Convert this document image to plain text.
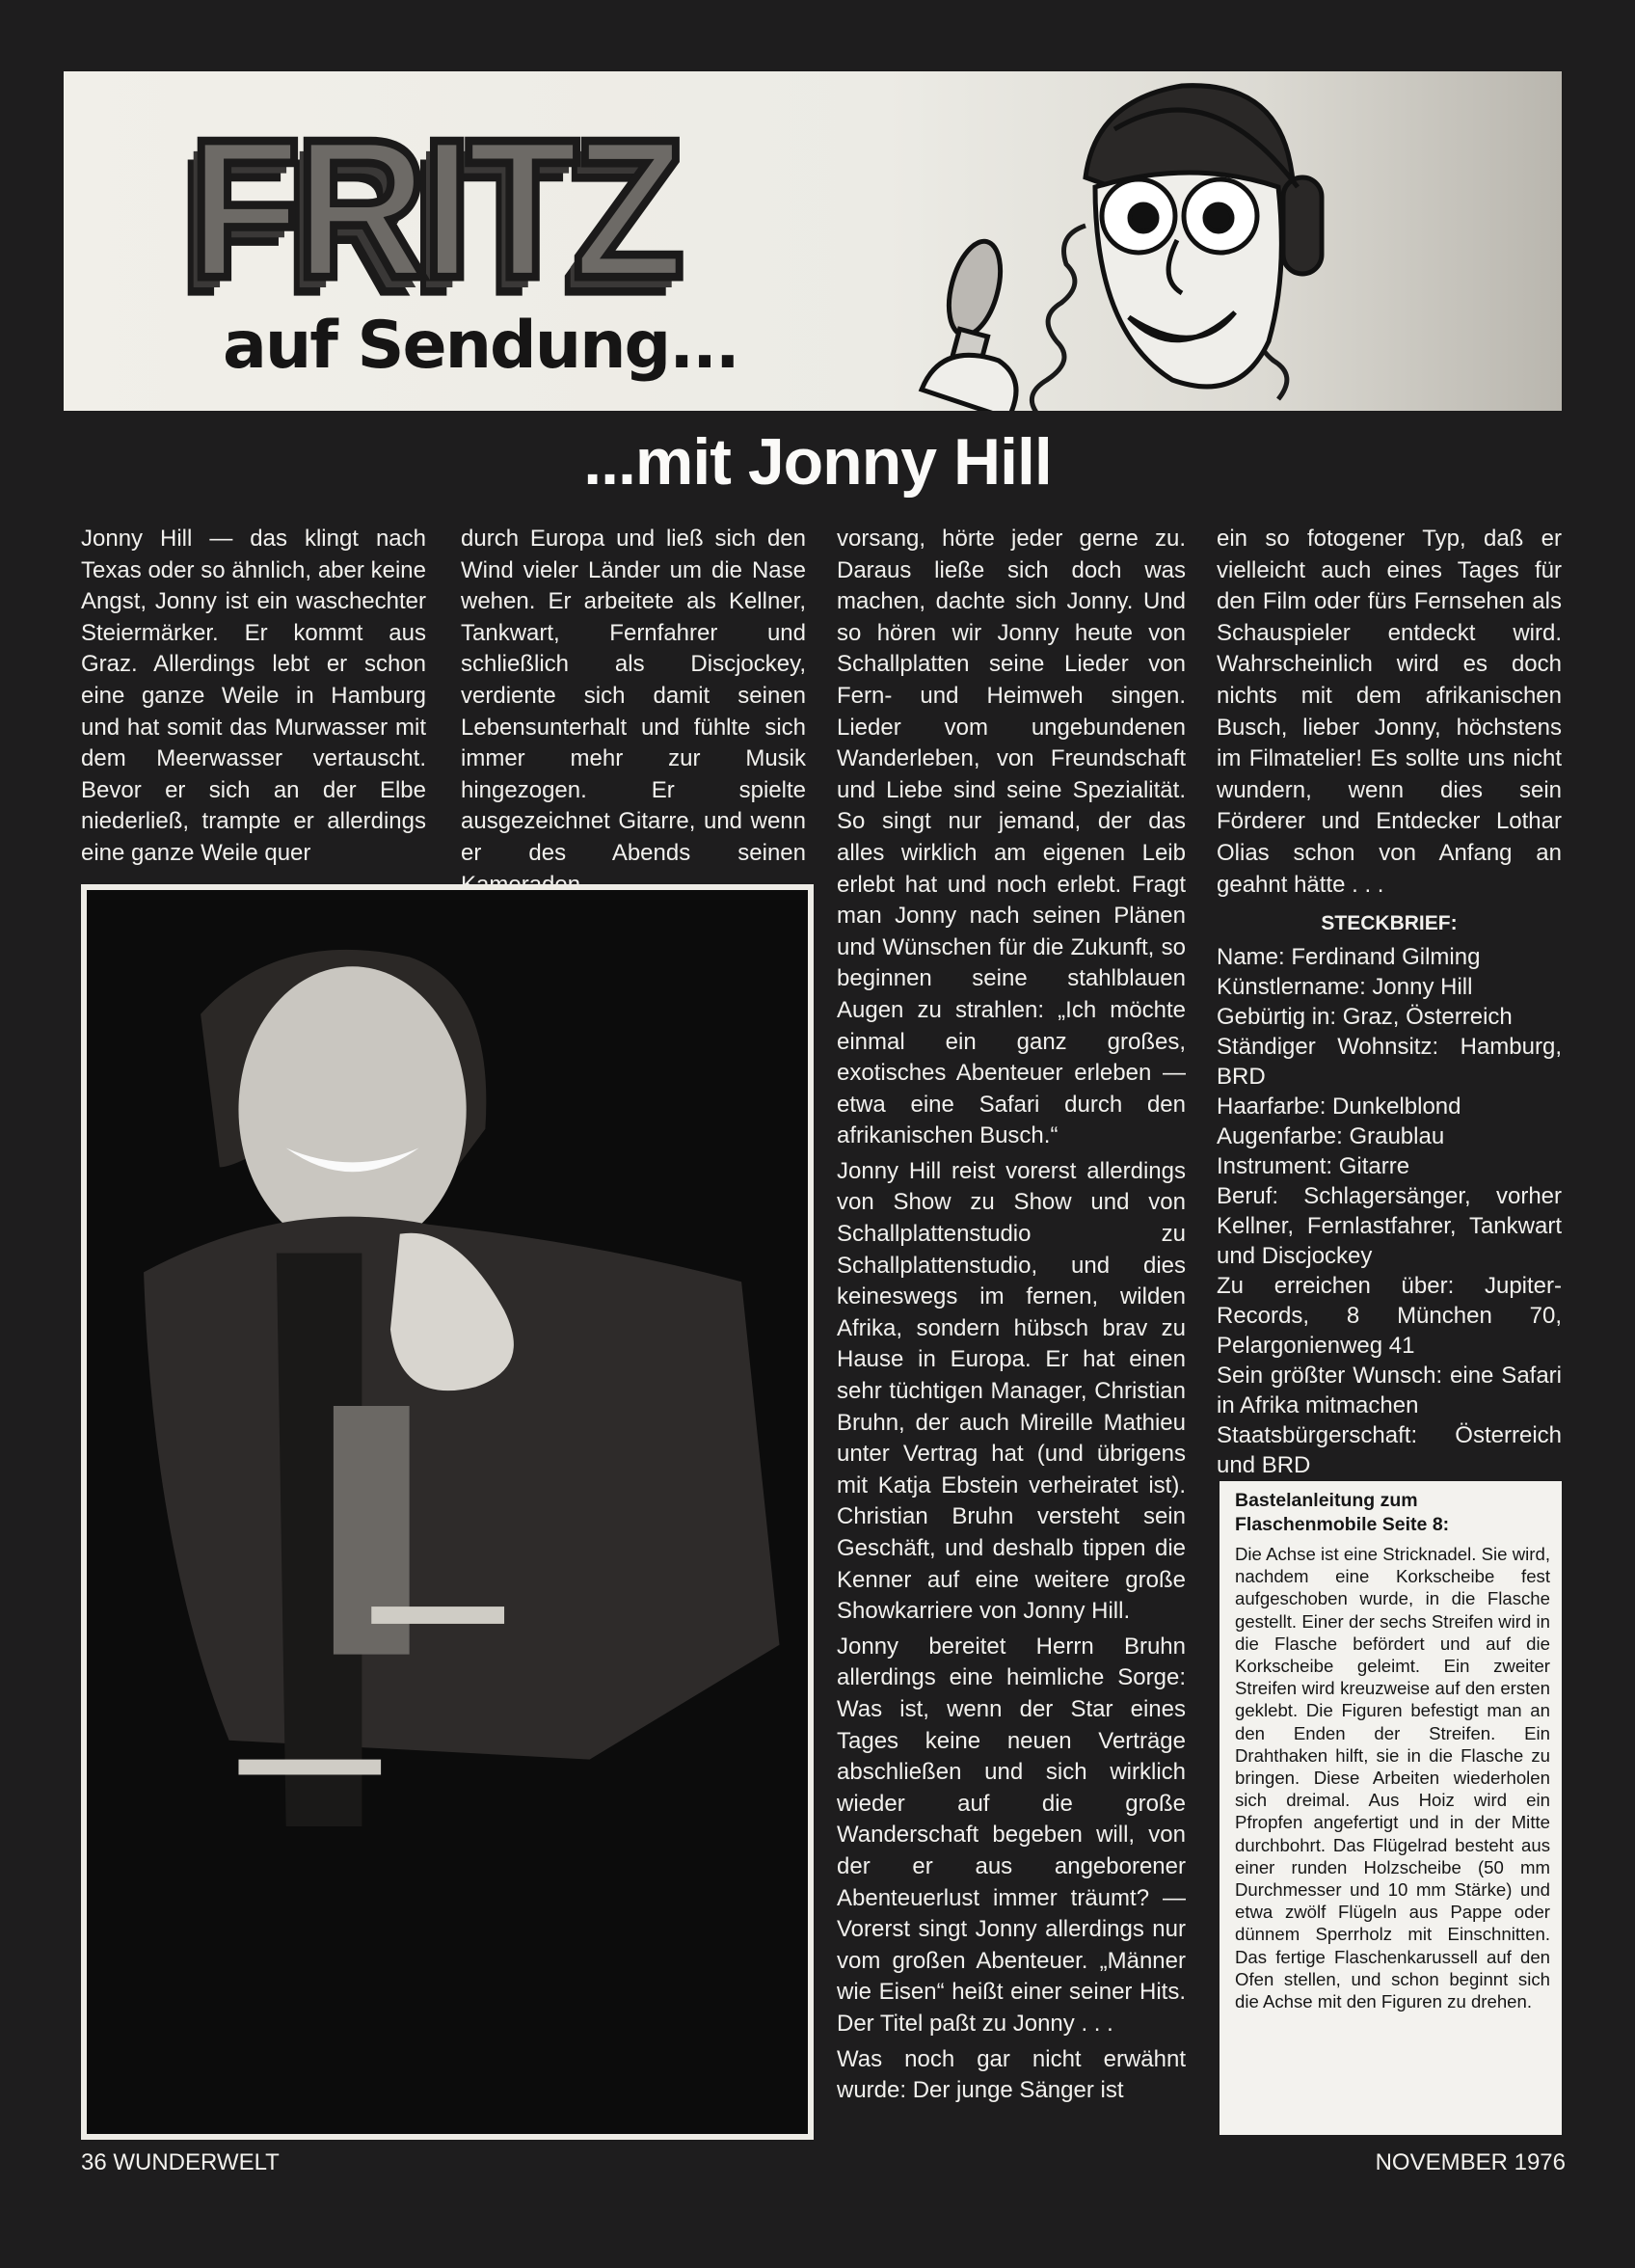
FRITZ
auf Sendung...
...mit Jonny Hill

Jonny Hill — das klingt nach Texas oder so ähnlich, aber keine Angst, Jonny ist ein waschechter Steiermärker. Er kommt aus Graz. Allerdings lebt er schon eine ganze Weile in Hamburg und hat somit das Murwasser mit dem Meerwasser vertauscht. Bevor er sich an der Elbe niederließ, trampte er allerdings eine ganze Weile quer

durch Europa und ließ sich den Wind vieler Länder um die Nase wehen. Er arbeitete als Kellner, Tankwart, Fernfahrer und schließlich als Discjockey, verdiente sich damit seinen Lebensunterhalt und fühlte sich immer mehr zur Musik hingezogen. Er spielte ausgezeichnet Gitarre, und wenn er des Abends seinen

vorsang, hörte jeder gerne zu. Daraus ließe sich doch was machen, dachte sich Jonny. Und so hören wir Jonny heute von Schallplatten seine Lieder von Fern- und Heimweh singen. Lieder vom ungebundenen Wanderleben, von Freundschaft und Liebe sind seine Spezialität. So singt nur jemand, der das alles wirklich am eigenen Leib erlebt hat und noch erlebt. Fragt man Jonny nach seinen Plänen und Wünschen für die Zukunft, so beginnen seine stahlblauen Augen zu strahlen: „Ich möchte einmal ein ganz großes, exotisches Abenteuer erleben — etwa eine Safari durch den afrikanischen Busch.“

Jonny Hill reist vorerst allerdings von Show zu Show und von Schallplattenstudio zu Schallplattenstudio, und dies keineswegs im fernen, wilden Afrika, sondern hübsch brav zu Hause in Europa. Er hat einen sehr tüchtigen Manager, Christian Bruhn, der auch Mireille Mathieu unter Vertrag hat (und übrigens mit Katja Ebstein verheiratet ist). Christian Bruhn versteht sein Geschäft, und deshalb tippen die Kenner auf eine weitere große Showkarriere von Jonny Hill.

Jonny bereitet Herrn Bruhn allerdings eine heimliche Sorge: Was ist, wenn der Star eines Tages keine neuen Verträge abschließen und sich wirklich wieder auf die große Wanderschaft begeben will, von der er aus angeborener Abenteuerlust immer träumt? — Vorerst singt Jonny allerdings nur vom großen Abenteuer. „Männer wie Eisen“ heißt einer seiner Hits. Der Titel paßt zu Jonny . . .

Was noch gar nicht erwähnt wurde: Der junge Sänger ist

ein so fotogener Typ, daß er vielleicht auch eines Tages für den Film oder fürs Fernsehen als Schauspieler entdeckt wird. Wahrscheinlich wird es doch nichts mit dem afrikanischen Busch, lieber Jonny, höchstens im Filmatelier! Es sollte uns nicht wundern, wenn dies sein Förderer und Entdecker Lothar Olias schon von Anfang an geahnt hätte . . .

STECKBRIEF:
Name: Ferdinand Gilming
Künstlername: Jonny Hill
Gebürtig in: Graz, Österreich
Ständiger Wohnsitz: Hamburg, BRD
Haarfarbe: Dunkelblond
Augenfarbe: Graublau
Instrument: Gitarre
Beruf: Schlagersänger, vorher Kellner, Fernlastfahrer, Tankwart und Discjockey
Zu erreichen über: Jupiter-Records, 8 München 70, Pelargonienweg 41
Sein größter Wunsch: eine Safari in Afrika mitmachen
Staatsbürgerschaft: Österreich und BRD
Bastelanleitung zum Flaschenmobile Seite 8:

Die Achse ist eine Stricknadel. Sie wird, nachdem eine Korkscheibe fest aufgeschoben wurde, in die Flasche gestellt. Einer der sechs Streifen wird in die Flasche befördert und auf die Korkscheibe geleimt. Ein zweiter Streifen wird kreuzweise auf den ersten geklebt. Die Figuren befestigt man an den Enden der Streifen. Ein Drahthaken hilft, sie in die Flasche zu bringen. Diese Arbeiten wiederholen sich dreimal. Aus Hoiz wird ein Pfropfen angefertigt und in der Mitte durchbohrt. Das Flügelrad besteht aus einer runden Holzscheibe (50 mm Durchmesser und 10 mm Stärke) und etwa zwölf Flügeln aus Pappe oder dünnem Sperrholz mit Einschnitten. Das fertige Flaschenkarussell auf den Ofen stellen, und schon beginnt sich die Achse mit den Figuren zu drehen.

36 WUNDERWELT	NOVEMBER 1976
